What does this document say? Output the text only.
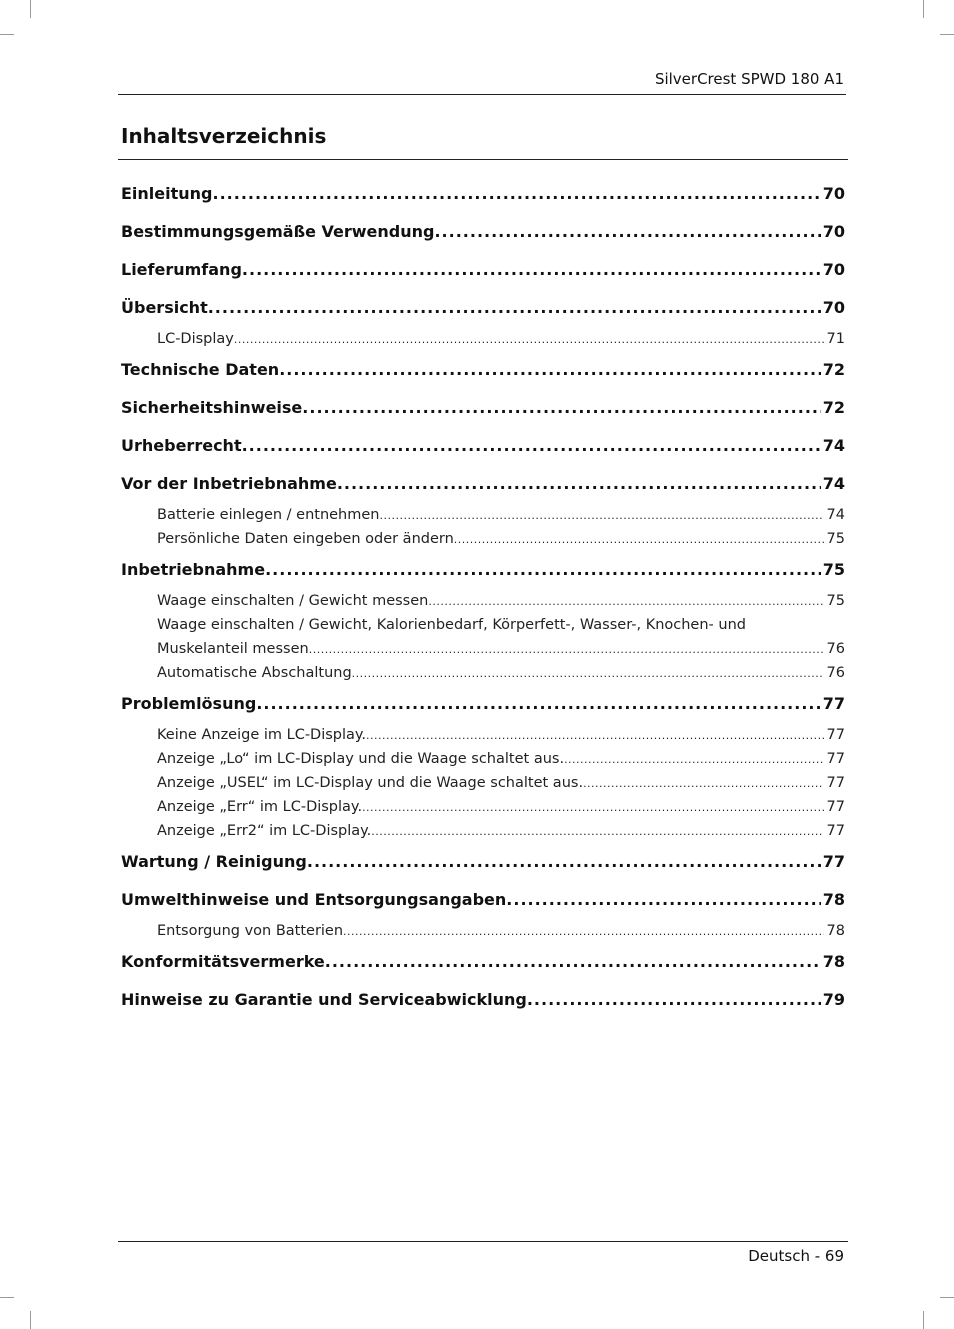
SilverCrest SPWD 180 A1
Inhaltsverzeichnis
Einleitung .....	70
Bestimmungsgemäße Verwendung .....	70
Lieferumfang .....	70
Übersicht .....	70
LC-Display .....	71
Technische Daten .....	72
Sicherheitshinweise .....	72
Urheberrecht .....	74
Vor der Inbetriebnahme .....	74
Batterie einlegen / entnehmen .....	74
Persönliche Daten eingeben oder ändern .....	75
Inbetriebnahme .....	75
Waage einschalten / Gewicht messen .....	75
Waage einschalten / Gewicht, Kalorienbedarf, Körperfett-, Wasser-, Knochen- und
Muskelanteil messen .....	76
Automatische Abschaltung .....	76
Problemlösung .....	77
Keine Anzeige im LC-Display. .....	77
Anzeige „Lo“ im LC-Display und die Waage schaltet aus. .....	77
Anzeige „USEL“ im LC-Display und die Waage schaltet aus. .....	77
Anzeige „Err“ im LC-Display. .....	77
Anzeige „Err2“ im LC-Display. .....	77
Wartung / Reinigung .....	77
Umwelthinweise und Entsorgungsangaben .....	78
Entsorgung von Batterien .....	78
Konformitätsvermerke .....	78
Hinweise zu Garantie und Serviceabwicklung .....	79
Deutsch - 69
